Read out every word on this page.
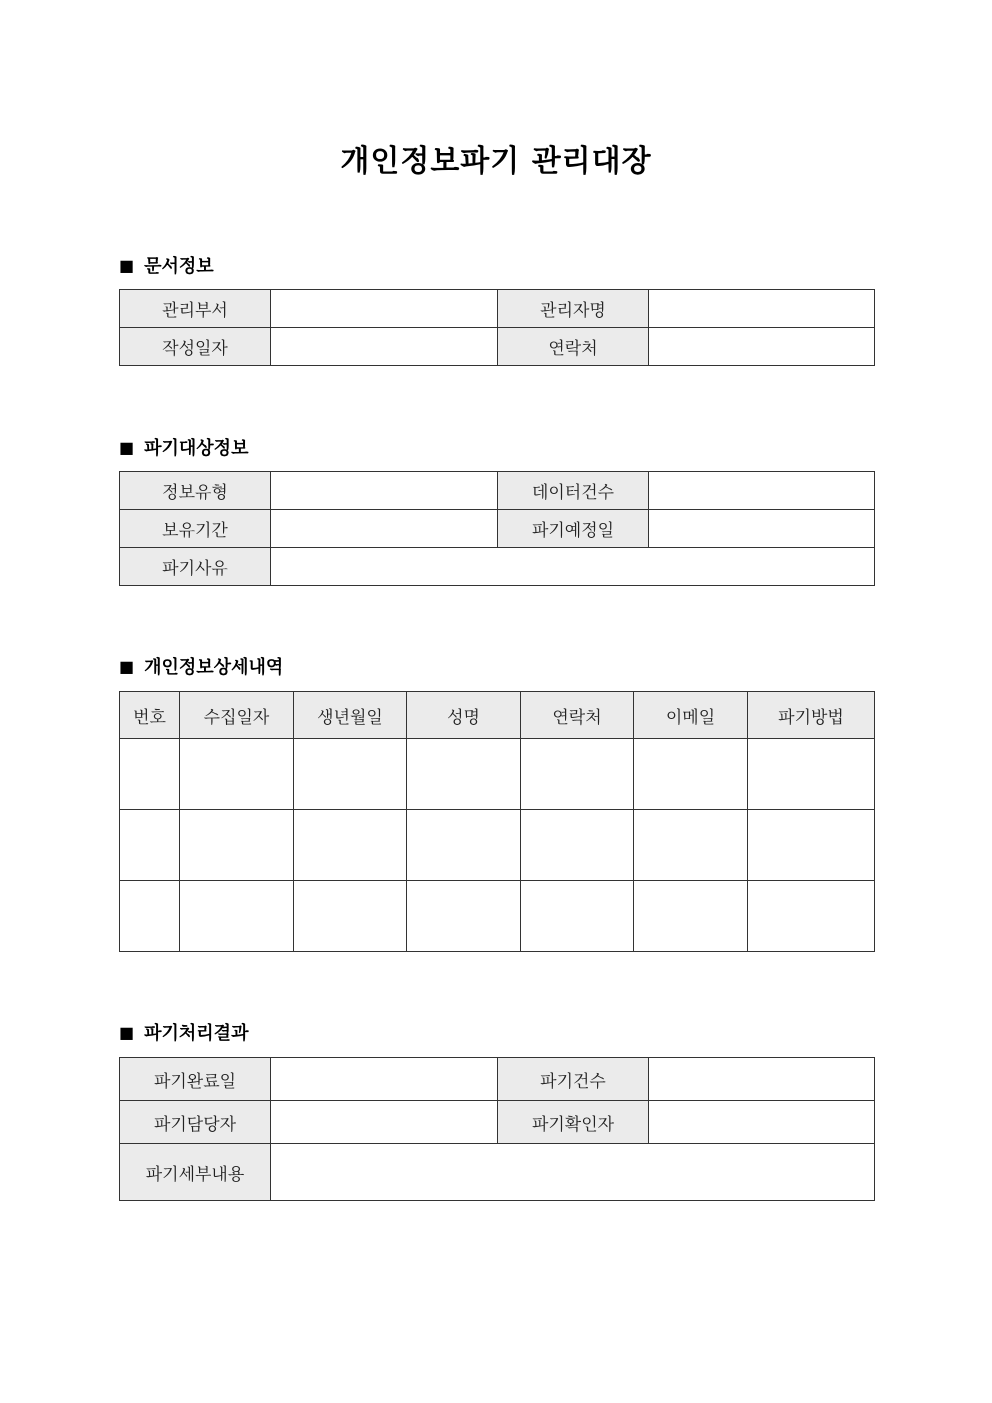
개인정보파기 관리대장
■ 문서정보
관리부서		관리자명	
작성일자		연락처	
■ 파기대상정보
정보유형		데이터건수	
보유기간		파기예정일	
파기사유			
■ 개인정보상세내역
번호	수집일자	생년월일	성명	연락처	이메일	파기방법

■ 파기처리결과
파기완료일		파기건수	
파기담당자		파기확인자	
파기세부내용			
